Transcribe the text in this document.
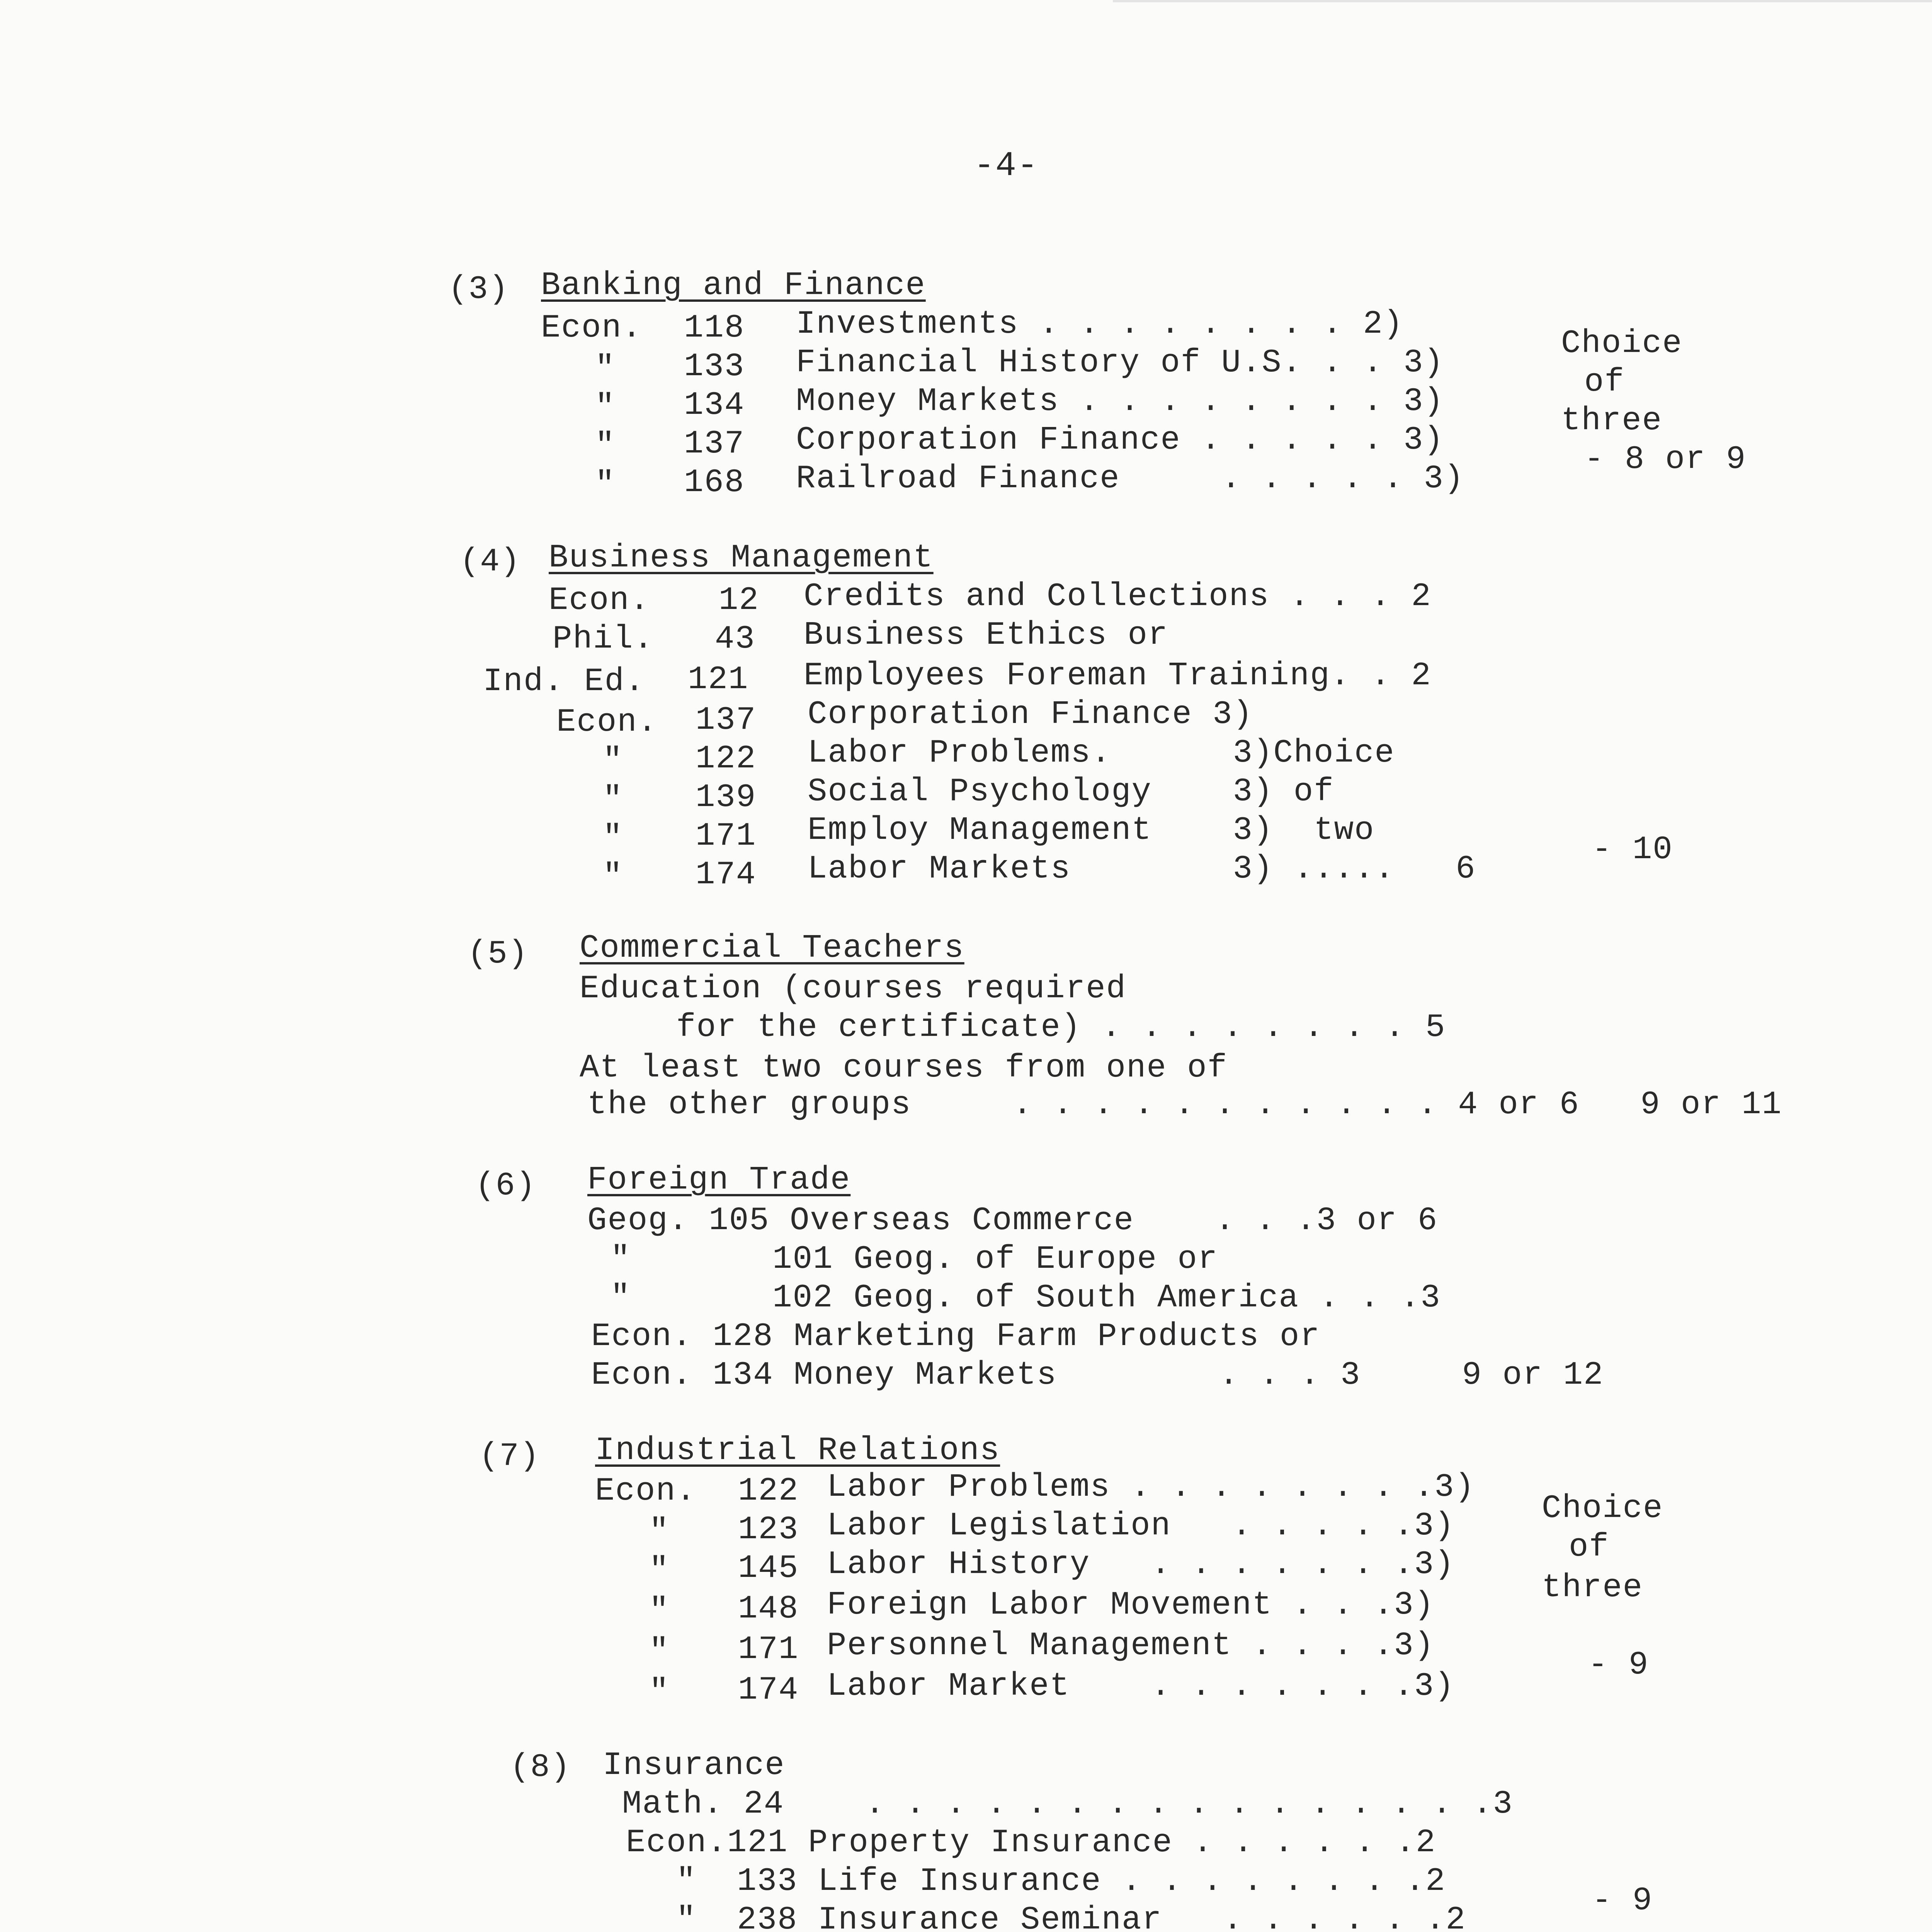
-4-
(3) Banking and Finance
Econ. 118 Investments . . . . . . . . 2)
" 133 Financial History of U.S. . . 3)
" 134 Money Markets . . . . . . . . 3)
" 137 Corporation Finance . . . . . 3)
" 168 Railroad Finance     . . . . . 3)
Choice
of
three
- 8 or 9
(4) Business Management
Econ. 12 Credits and Collections . . . 2
Phil. 43 Business Ethics or
Ind. Ed. 121 Employees Foreman Training. . 2
Econ. 137 Corporation Finance 3)
" 122 Labor Problems.      3)Choice
" 139 Social Psychology    3) of
" 171 Employ Management    3)  two
" 174 Labor Markets        3) .....   6
- 10
(5) Commercial Teachers
Education (courses required
for the certificate) . . . . . . . . 5
At least two courses from one of
the other groups     . . . . . . . . . . . 4 or 6   9 or 11
(6) Foreign Trade
Geog. 105 Overseas Commerce    . . .3 or 6
"       101 Geog. of Europe or
"       102 Geog. of South America . . .3
Econ. 128 Marketing Farm Products or
Econ. 134 Money Markets        . . . 3     9 or 12
(7) Industrial Relations
Econ. 122 Labor Problems . . . . . . . .3)
" 123 Labor Legislation   . . . . .3)
" 145 Labor History   . . . . . . .3)
" 148 Foreign Labor Movement . . .3)
" 171 Personnel Management . . . .3)
" 174 Labor Market    . . . . . . .3)
Choice
of
three
- 9
(8) Insurance
Math. 24    . . . . . . . . . . . . . . . .3
Econ.121 Property Insurance . . . . . .2
"  133 Life Insurance . . . . . . . .2
"  238 Insurance Seminar   . . . . . .2
- 9
